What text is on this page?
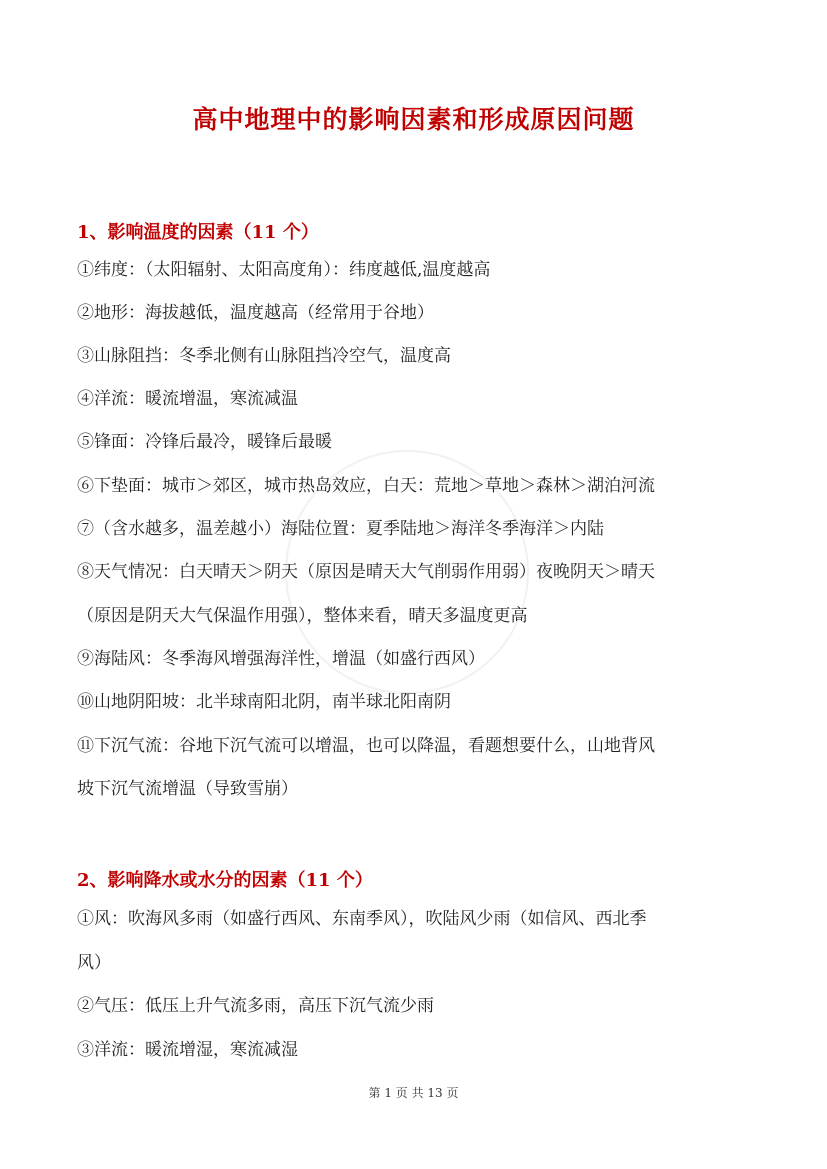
高中地理中的影响因素和形成原因问题
1、影响温度的因素（11 个）
①纬度：（太阳辐射、太阳高度角）：纬度越低,温度越高
②地形：海拔越低，温度越高（经常用于谷地）
③山脉阻挡：冬季北侧有山脉阻挡冷空气，温度高
④洋流：暖流增温，寒流减温
⑤锋面：冷锋后最冷，暖锋后最暖
⑥下垫面：城市＞郊区，城市热岛效应，白天：荒地＞草地＞森林＞湖泊河流
⑦（含水越多，温差越小）海陆位置：夏季陆地＞海洋冬季海洋＞内陆
⑧天气情况：白天晴天＞阴天（原因是晴天大气削弱作用弱）夜晚阴天＞晴天
（原因是阴天大气保温作用强），整体来看，晴天多温度更高
⑨海陆风：冬季海风增强海洋性，增温（如盛行西风）
⑩山地阴阳坡：北半球南阳北阴，南半球北阳南阴
⑪下沉气流：谷地下沉气流可以增温，也可以降温，看题想要什么，山地背风
坡下沉气流增温（导致雪崩）
2、影响降水或水分的因素（11 个）
①风：吹海风多雨（如盛行西风、东南季风），吹陆风少雨（如信风、西北季
风）
②气压：低压上升气流多雨，高压下沉气流少雨
③洋流：暖流增湿，寒流减湿
第 1 页 共 13 页
